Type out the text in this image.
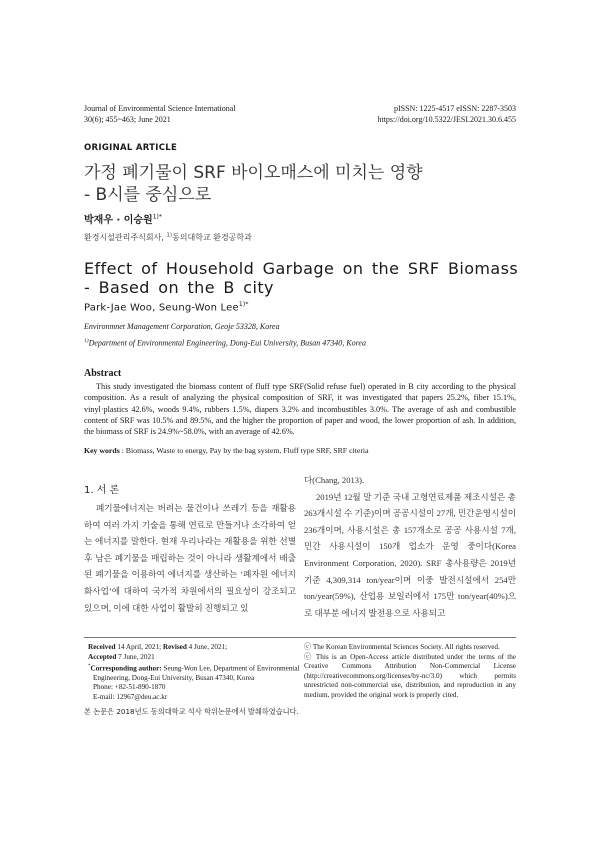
Journal of Environmental Science International
30(6); 455~463; June 2021
pISSN: 1225-4517 eISSN: 2287-3503
https://doi.org/10.5322/JESI.2021.30.6.455
ORIGINAL ARTICLE
가정 폐기물이 SRF 바이오매스에 미치는 영향
- B시를 중심으로
박재우 · 이승원$^{1)*}$
환경시설관리주식회사, $^{1)}$동의대학교 환경공학과
Effect of Household Garbage on the SRF Biomass
- Based on the B city
Park-Jae Woo, Seung-Won Lee$^{1)*}$
Environmnet Management Corporation, Geoje 53328, Korea
$^{1)}$Department of Environmental Engineering, Dong-Eui University, Busan 47340, Korea
Abstract
This study investigated the biomass content of fluff type SRF(Solid refuse fuel) operated in B city according to the physical composition. As a result of analyzing the physical composition of SRF, it was investigated that papers 25.2%, fiber 15.1%, vinyl·plastics 42.6%, woods 9.4%, rubbers 1.5%, diapers 3.2% and incombustibles 3.0%. The average of ash and combustible content of SRF was 10.5% and 89.5%, and the higher the proportion of paper and wood, the lower proportion of ash. In addition, the biomass of SRF is 24.9%~58.0%, with an average of 42.6%.
Key words : Biomass, Waste to energy, Pay by the bag system, Fluff type SRF, SRF citeria
1. 서 론

폐기물에너지는 버려는 물건이나 쓰레기 등을 재활용하여 여러 가지 기술을 통해 연료로 만들거나 소각하여 얻는 에너지를 말한다. 현재 우리나라는 재활용을 위한 선별 후 남은 폐기물을 매립하는 것이 아니라 생활계에서 배출된 폐기물을 이용하여 에너지를 생산하는 ‘폐자원 에너지화사업’에 대하여 국가적 차원에서의 필요성이 강조되고 있으며, 이에 대한 사업이 활발히 진행되고 있

다(Chang, 2013).

2019년 12월 말 기준 국내 고형연료제품 제조시설은 총 263개시설 수 기준)이며 공공시설이 27개, 민간운영시설이 236개이며, 사용시설은 총 157개소로 공공 사용시설 7개, 민간 사용시설이 150개 업소가 운영 중이다(Korea Environment Corporation, 2020). SRF 총사용량은 2019년 기준 4,309,314 ton/year이며 이중 발전시설에서 254만 ton/year(59%), 산업용 보일러에서 175만 ton/year(40%)으로 대부분 에너지 발전용으로 사용되고

Received 14 April, 2021; Revised 4 June, 2021;
Accepted 7 June, 2021
*Corresponding author: Seung-Won Lee, Department of Environmental
Engineering, Dong-Eui University, Busan 47340, Korea
Phone: +82-51-890-1870
E-mail: 12967@deu.ac.kr
본 논문은 2018년도 동의대학교 석사 학위논문에서 발췌하였습니다.
ⓒ The Korean Environmental Sciences Society. All rights reserved.
ⓒ This is an Open-Access article distributed under the terms of the Creative Commons Attribution Non-Commercial License (http://creativecommons.org/licenses/by-nc/3.0) which permits unrestricted non-commercial use, distribution, and reproduction in any medium, provided the original work is properly cited.
